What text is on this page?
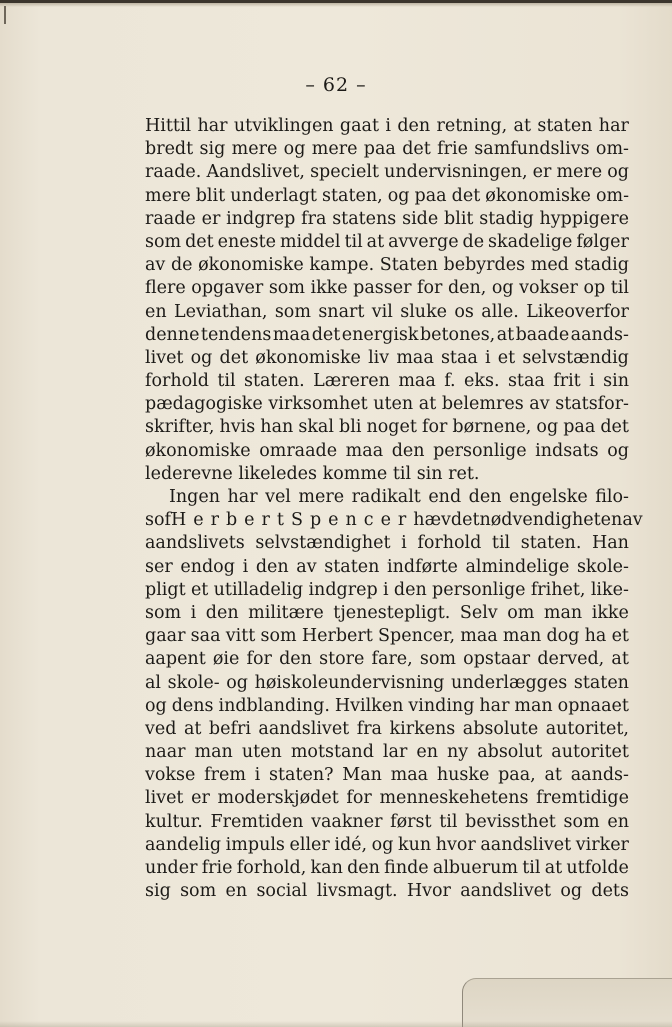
– 62 –
Hittil har utviklingen gaat i den retning, at staten har
bredt sig mere og mere paa det frie samfundslivs om-
raade. Aandslivet, specielt undervisningen, er mere og
mere blit underlagt staten, og paa det økonomiske om-
raade er indgrep fra statens side blit stadig hyppigere
som det eneste middel til at avverge de skadelige følger
av de økonomiske kampe. Staten bebyrdes med stadig
flere opgaver som ikke passer for den, og vokser op til
en Leviathan, som snart vil sluke os alle. Likeoverfor
denne tendens maa det energisk betones, at baade aands-
livet og det økonomiske liv maa staa i et selvstændig
forhold til staten. Læreren maa f. eks. staa frit i sin
pædagogiske virksomhet uten at belemres av statsfor-
skrifter, hvis han skal bli noget for børnene, og paa det
økonomiske omraade maa den personlige indsats og
lederevne likeledes komme til sin ret.
Ingen har vel mere radikalt end den engelske filo-
sof Herbert Spencer hævdet nødvendigheten av
aandslivets selvstændighet i forhold til staten. Han
ser endog i den av staten indførte almindelige skole-
pligt et utilladelig indgrep i den personlige frihet, like-
som i den militære tjenestepligt. Selv om man ikke
gaar saa vitt som Herbert Spencer, maa man dog ha et
aapent øie for den store fare, som opstaar derved, at
al skole- og høiskoleundervisning underlægges staten
og dens indblanding. Hvilken vinding har man opnaaet
ved at befri aandslivet fra kirkens absolute autoritet,
naar man uten motstand lar en ny absolut autoritet
vokse frem i staten? Man maa huske paa, at aands-
livet er moderskjødet for menneskehetens fremtidige
kultur. Fremtiden vaakner først til bevissthet som en
aandelig impuls eller idé, og kun hvor aandslivet virker
under frie forhold, kan den finde albuerum til at utfolde
sig som en social livsmagt. Hvor aandslivet og dets
